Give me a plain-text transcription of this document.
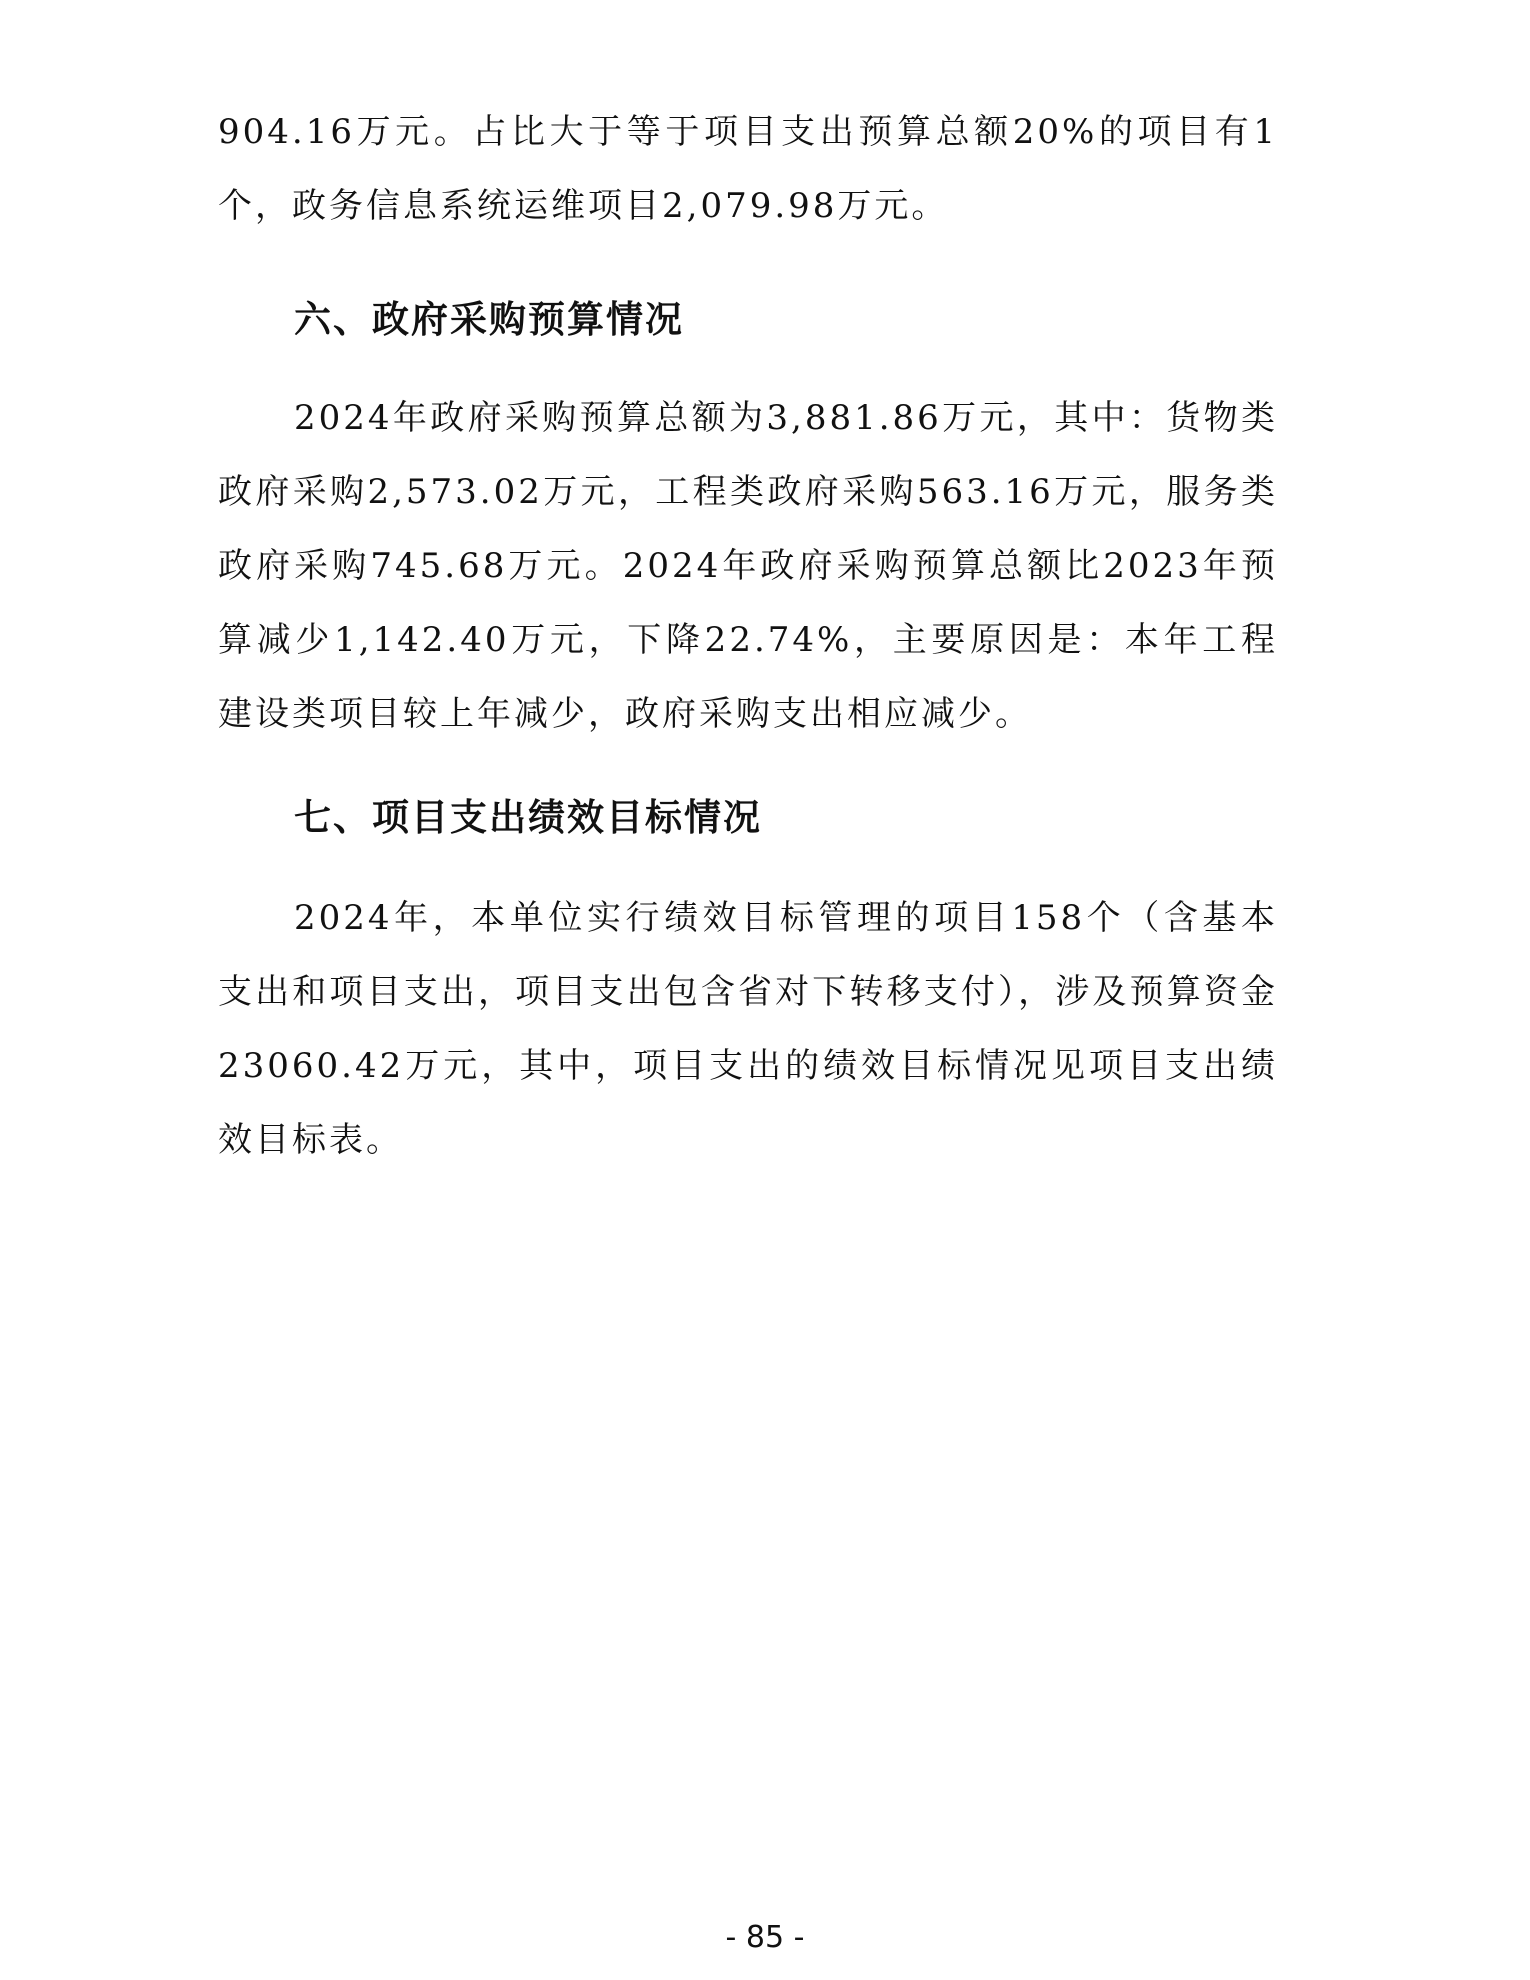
904.16万元。占比大于等于项目支出预算总额20%的项目有1个，政务信息系统运维项目2,079.98万元。

六、政府采购预算情况

2024年政府采购预算总额为3,881.86万元，其中：货物类政府采购2,573.02万元，工程类政府采购563.16万元，服务类政府采购745.68万元。2024年政府采购预算总额比2023年预算减少1,142.40万元，下降22.74%，主要原因是：本年工程建设类项目较上年减少，政府采购支出相应减少。

七、项目支出绩效目标情况

2024年，本单位实行绩效目标管理的项目158个（含基本支出和项目支出，项目支出包含省对下转移支付），涉及预算资金23060.42万元，其中，项目支出的绩效目标情况见项目支出绩效目标表。

- 85 -
